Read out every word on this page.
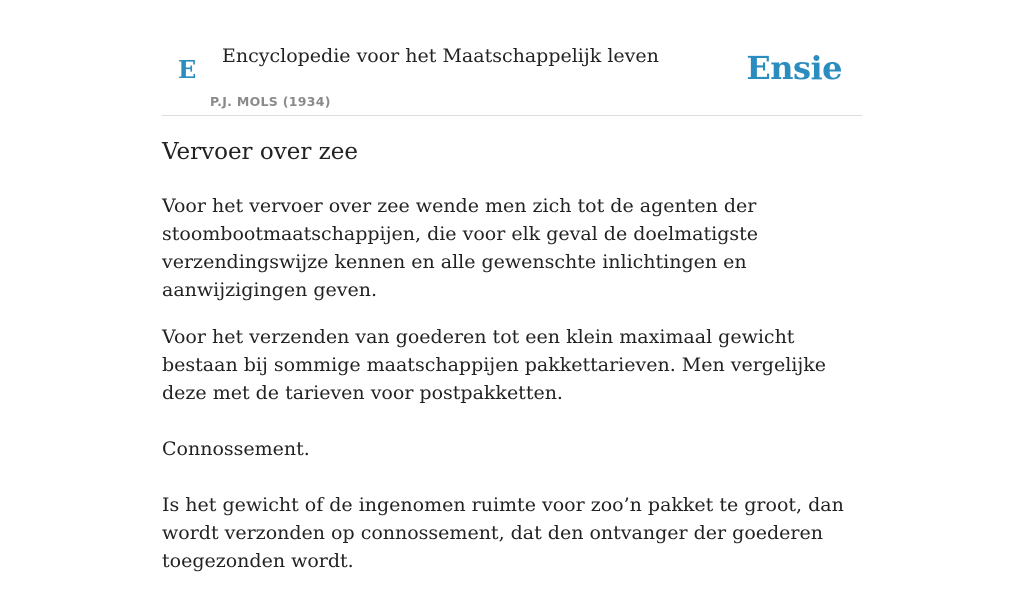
E Encyclopedie voor het Maatschappelijk leven
P.J. MOLS (1934)
Ensie
Vervoer over zee

Voor het vervoer over zee wende men zich tot de agenten der stoombootmaatschappijen, die voor elk geval de doelmatigste verzendingswijze kennen en alle gewenschte inlichtingen en aanwijzigingen geven.

Voor het verzenden van goederen tot een klein maximaal gewicht bestaan bij sommige maatschappijen pakkettarieven. Men vergelijke deze met de tarieven voor postpakketten.

Connossement.

Is het gewicht of de ingenomen ruimte voor zoo’n pakket te groot, dan wordt verzonden op connossement, dat den ontvanger der goederen toegezonden wordt.
